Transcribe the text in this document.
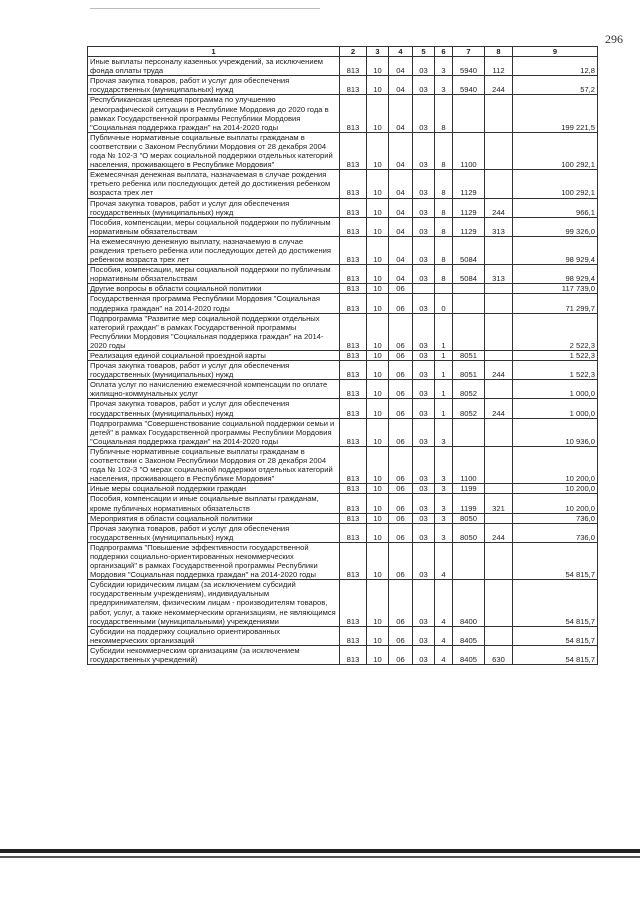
296
1	2	3	4	5	6	7	8	9
Иные выплаты персоналу казенных учреждений, за исключением фонда оплаты труда	813	10	04	03	3	5940	112	12,8
Прочая закупка товаров, работ и услуг для обеспечения государственных (муниципальных) нужд	813	10	04	03	3	5940	244	57,2
Республиканская целевая программа по улучшению демографической ситуации в Республике Мордовия до 2020 года в рамках Государственной программы Республики Мордовия "Социальная поддержка граждан" на 2014-2020 годы	813	10	04	03	8			199 221,5
Публичные нормативные социальные выплаты гражданам в соответствии с Законом Республики Мордовия от 28 декабря 2004 года № 102-З "О мерах социальной поддержки отдельных категорий населения, проживающего в Республике Мордовия"	813	10	04	03	8	1100		100 292,1
Ежемесячная денежная выплата, назначаемая в случае рождения третьего ребенка или последующих детей до достижения ребенком возраста трех лет	813	10	04	03	8	1129		100 292,1
Прочая закупка товаров, работ и услуг для обеспечения государственных (муниципальных) нужд	813	10	04	03	8	1129	244	966,1
Пособия, компенсации, меры социальной поддержки по публичным нормативным обязательствам	813	10	04	03	8	1129	313	99 326,0
На ежемесячную денежную выплату, назначаемую в случае рождения третьего ребенка или последующих детей до достижения ребенком возраста трех лет	813	10	04	03	8	5084		98 929,4
Пособия, компенсации, меры социальной поддержки по публичным нормативным обязательствам	813	10	04	03	8	5084	313	98 929,4
Другие вопросы в области социальной политики	813	10	06					117 739,0
Государственная программа Республики Мордовия "Социальная поддержка граждан" на 2014-2020 годы	813	10	06	03	0			71 299,7
Подпрограмма "Развитие мер социальной поддержки отдельных категорий граждан" в рамках Государственной программы Республики Мордовия "Социальная поддержка граждан" на 2014-2020 годы	813	10	06	03	1			2 522,3
Реализация единой социальной проездной карты	813	10	06	03	1	8051		1 522,3
Прочая закупка товаров, работ и услуг для обеспечения государственных (муниципальных) нужд	813	10	06	03	1	8051	244	1 522,3
Оплата услуг по начислению ежемесячной компенсации по оплате жилищно-коммунальных услуг	813	10	06	03	1	8052		1 000,0
Прочая закупка товаров, работ и услуг для обеспечения государственных (муниципальных) нужд	813	10	06	03	1	8052	244	1 000,0
Подпрограмма "Совершенствование социальной поддержки семьи и детей" в рамках Государственной программы Республики Мордовия "Социальная поддержка граждан" на 2014-2020 годы	813	10	06	03	3			10 936,0
Публичные нормативные социальные выплаты гражданам в соответствии с Законом Республики Мордовия от 28 декабря 2004 года № 102-З "О мерах социальной поддержки отдельных категорий населения, проживающего в Республике Мордовия"	813	10	06	03	3	1100		10 200,0
Иные меры социальной поддержки граждан	813	10	06	03	3	1199		10 200,0
Пособия, компенсации и иные социальные выплаты гражданам, кроме публичных нормативных обязательств	813	10	06	03	3	1199	321	10 200,0
Мероприятия в области социальной политики	813	10	06	03	3	8050		736,0
Прочая закупка товаров, работ и услуг для обеспечения государственных (муниципальных) нужд	813	10	06	03	3	8050	244	736,0
Подпрограмма "Повышение эффективности государственной поддержки социально-ориентированных некоммерческих организаций" в рамках Государственной программы Республики Мордовия "Социальная поддержка граждан" на 2014-2020 годы	813	10	06	03	4			54 815,7
Субсидии юридическим лицам (за исключением субсидий государственным учреждениям), индивидуальным предпринимателям, физическим лицам - производителям товаров, работ, услуг, а также некоммерческим организациям, не являющимся государственными (муниципальными) учреждениями	813	10	06	03	4	8400		54 815,7
Субсидии на поддержку социально ориентированных некоммерческих организаций	813	10	06	03	4	8405		54 815,7
Субсидии некоммерческим организациям (за исключением государственных учреждений)	813	10	06	03	4	8405	630	54 815,7
